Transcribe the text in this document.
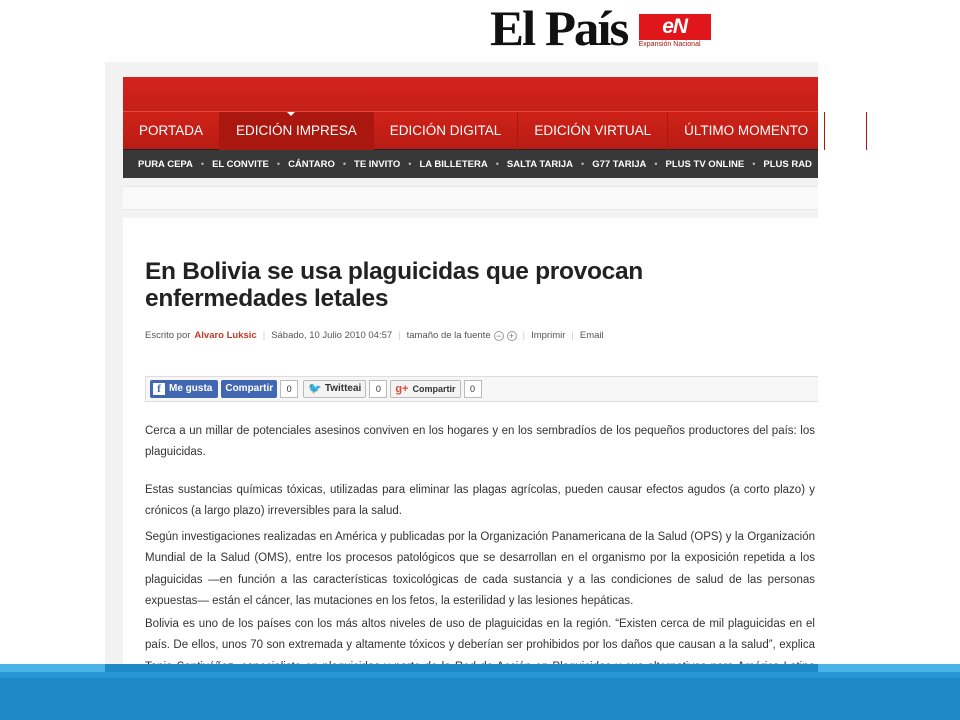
El País	eN
Expansión Nacional
PORTADA	EDICIÓN IMPRESA	EDICIÓN DIGITAL	EDICIÓN VIRTUAL	ÚLTIMO MOMENTO	E
PURA CEPA • EL CONVITE • CÁNTARO • TE INVITO • LA BILLETERA • SALTA TARIJA • G77 TARIJA • PLUS TV ONLINE • PLUS RAD
En Bolivia se usa plaguicidas que provocan enfermedades letales
Escrito por Alvaro Luksic | Sábado, 10 Julio 2010 04:57 | tamaño de la fuente − + | Imprimir | Email
f Me gusta	Compartir	0	🐦 Twitteai	0	g+ Compartir	0

Cerca a un millar de potenciales asesinos conviven en los hogares y en los sembradíos de los pequeños productores del país: los plaguicidas.

Estas sustancias químicas tóxicas, utilizadas para eliminar las plagas agrícolas, pueden causar efectos agudos (a corto plazo) y crónicos (a largo plazo) irreversibles para la salud.

Según investigaciones realizadas en América y publicadas por la Organización Panamericana de la Salud (OPS) y la Organización Mundial de la Salud (OMS), entre los procesos patológicos que se desarrollan en el organismo por la exposición repetida a los plaguicidas —en función a las características toxicológicas de cada sustancia y a las condiciones de salud de las personas expuestas— están el cáncer, las mutaciones en los fetos, la esterilidad y las lesiones hepáticas.

Bolivia es uno de los países con los más altos niveles de uso de plaguicidas en la región. “Existen cerca de mil plaguicidas en el país. De ellos, unos 70 son extremada y altamente tóxicos y deberían ser prohibidos por los daños que causan a la salud”, explica
